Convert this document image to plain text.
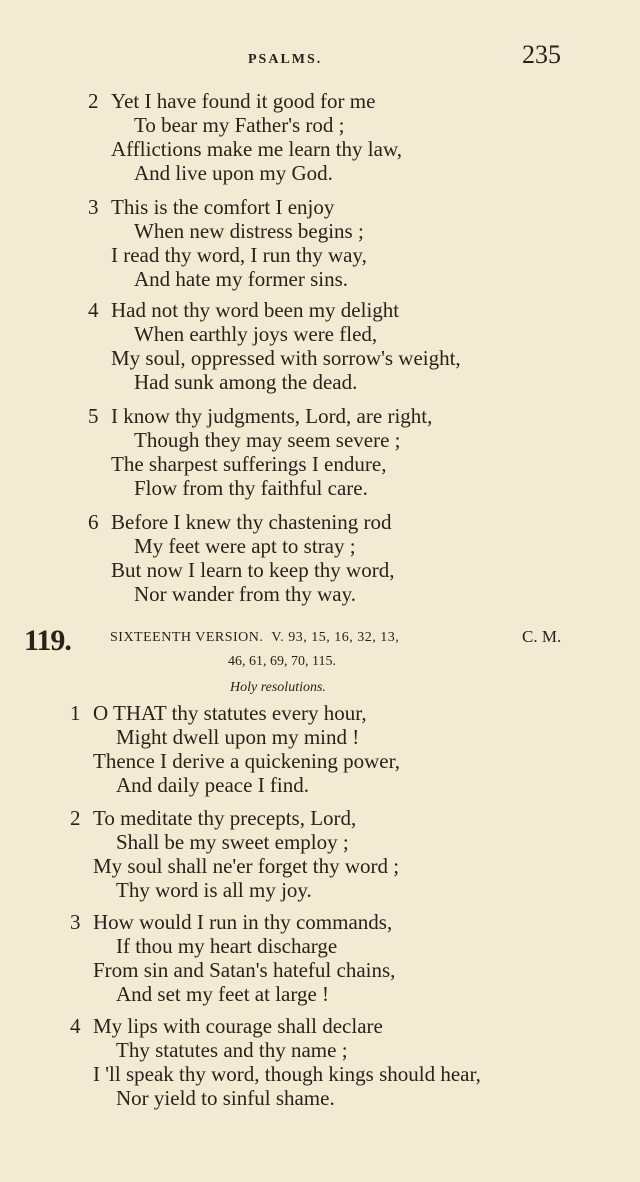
PSALMS.	235
2 Yet I have found it good for me
To bear my Father's rod ;
Afflictions make me learn thy law,
And live upon my God.
3 This is the comfort I enjoy
When new distress begins ;
I read thy word, I run thy way,
And hate my former sins.
4 Had not thy word been my delight
When earthly joys were fled,
My soul, oppressed with sorrow's weight,
Had sunk among the dead.
5 I know thy judgments, Lord, are right,
Though they may seem severe ;
The sharpest sufferings I endure,
Flow from thy faithful care.
6 Before I knew thy chastening rod
My feet were apt to stray ;
But now I learn to keep thy word,
Nor wander from thy way.
119.	SIXTEENTH VERSION. V. 93, 15, 16, 32, 13,
46, 61, 69, 70, 115.
C. M.
Holy resolutions.
1 O THAT thy statutes every hour,
Might dwell upon my mind !
Thence I derive a quickening power,
And daily peace I find.
2 To meditate thy precepts, Lord,
Shall be my sweet employ ;
My soul shall ne'er forget thy word ;
Thy word is all my joy.
3 How would I run in thy commands,
If thou my heart discharge
From sin and Satan's hateful chains,
And set my feet at large !
4 My lips with courage shall declare
Thy statutes and thy name ;
I 'll speak thy word, though kings should hear,
Nor yield to sinful shame.
